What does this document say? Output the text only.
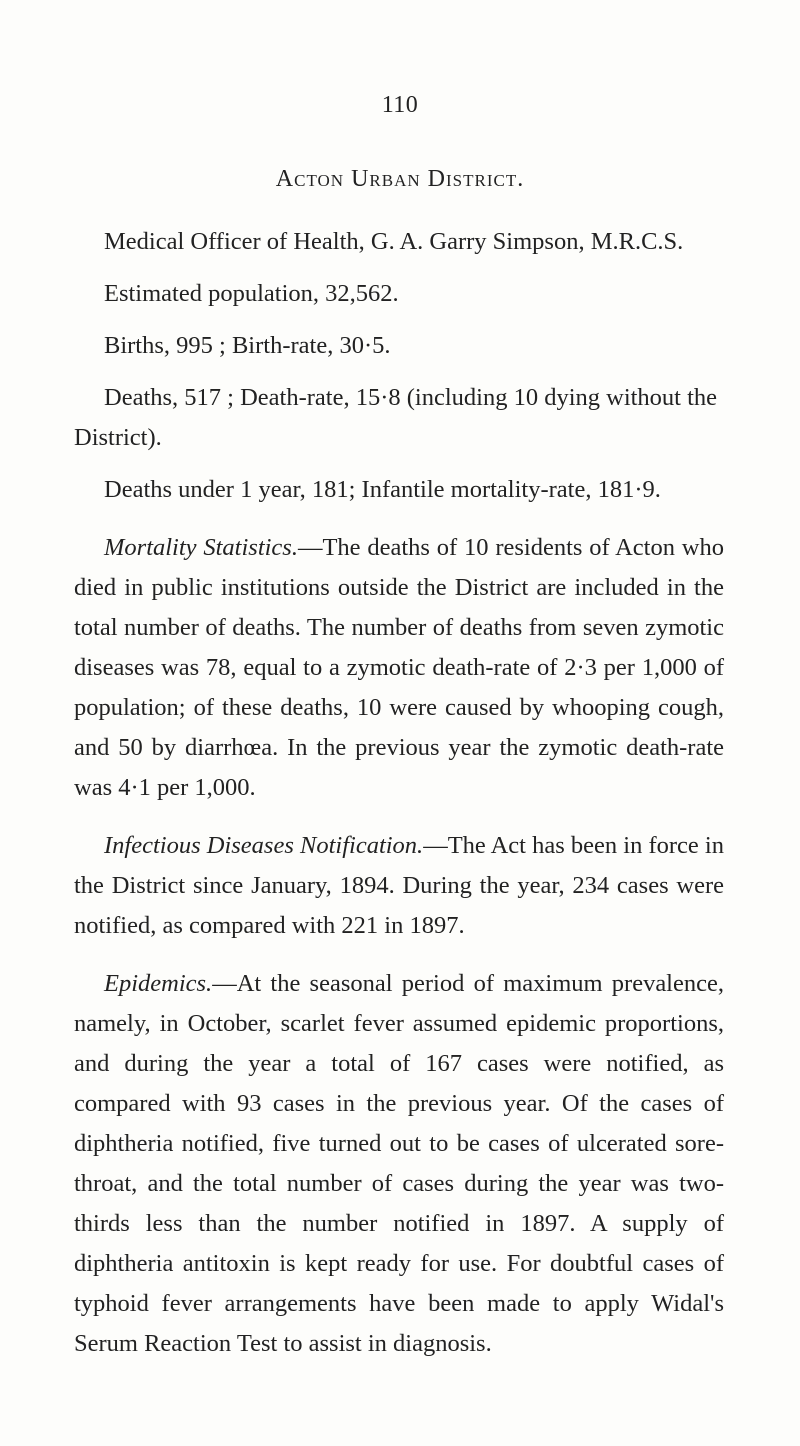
110
Acton Urban District.

Medical Officer of Health, G. A. Garry Simpson, M.R.C.S.

Estimated population, 32,562.

Births, 995 ; Birth-rate, 30·5.

Deaths, 517 ; Death-rate, 15·8 (including 10 dying without the District).

Deaths under 1 year, 181; Infantile mortality-rate, 181·9.

Mortality Statistics.—The deaths of 10 residents of Acton who died in public institutions outside the District are included in the total number of deaths. The number of deaths from seven zymotic diseases was 78, equal to a zymotic death-rate of 2·3 per 1,000 of population; of these deaths, 10 were caused by whooping cough, and 50 by diarrhœa. In the previous year the zymotic death-rate was 4·1 per 1,000.

Infectious Diseases Notification.—The Act has been in force in the District since January, 1894. During the year, 234 cases were notified, as compared with 221 in 1897.

Epidemics.—At the seasonal period of maximum prevalence, namely, in October, scarlet fever assumed epidemic proportions, and during the year a total of 167 cases were notified, as compared with 93 cases in the previous year. Of the cases of diphtheria notified, five turned out to be cases of ulcerated sore-throat, and the total number of cases during the year was two-thirds less than the number notified in 1897. A supply of diphtheria antitoxin is kept ready for use. For doubtful cases of typhoid fever arrangements have been made to apply Widal's Serum Reaction Test to assist in diagnosis.
